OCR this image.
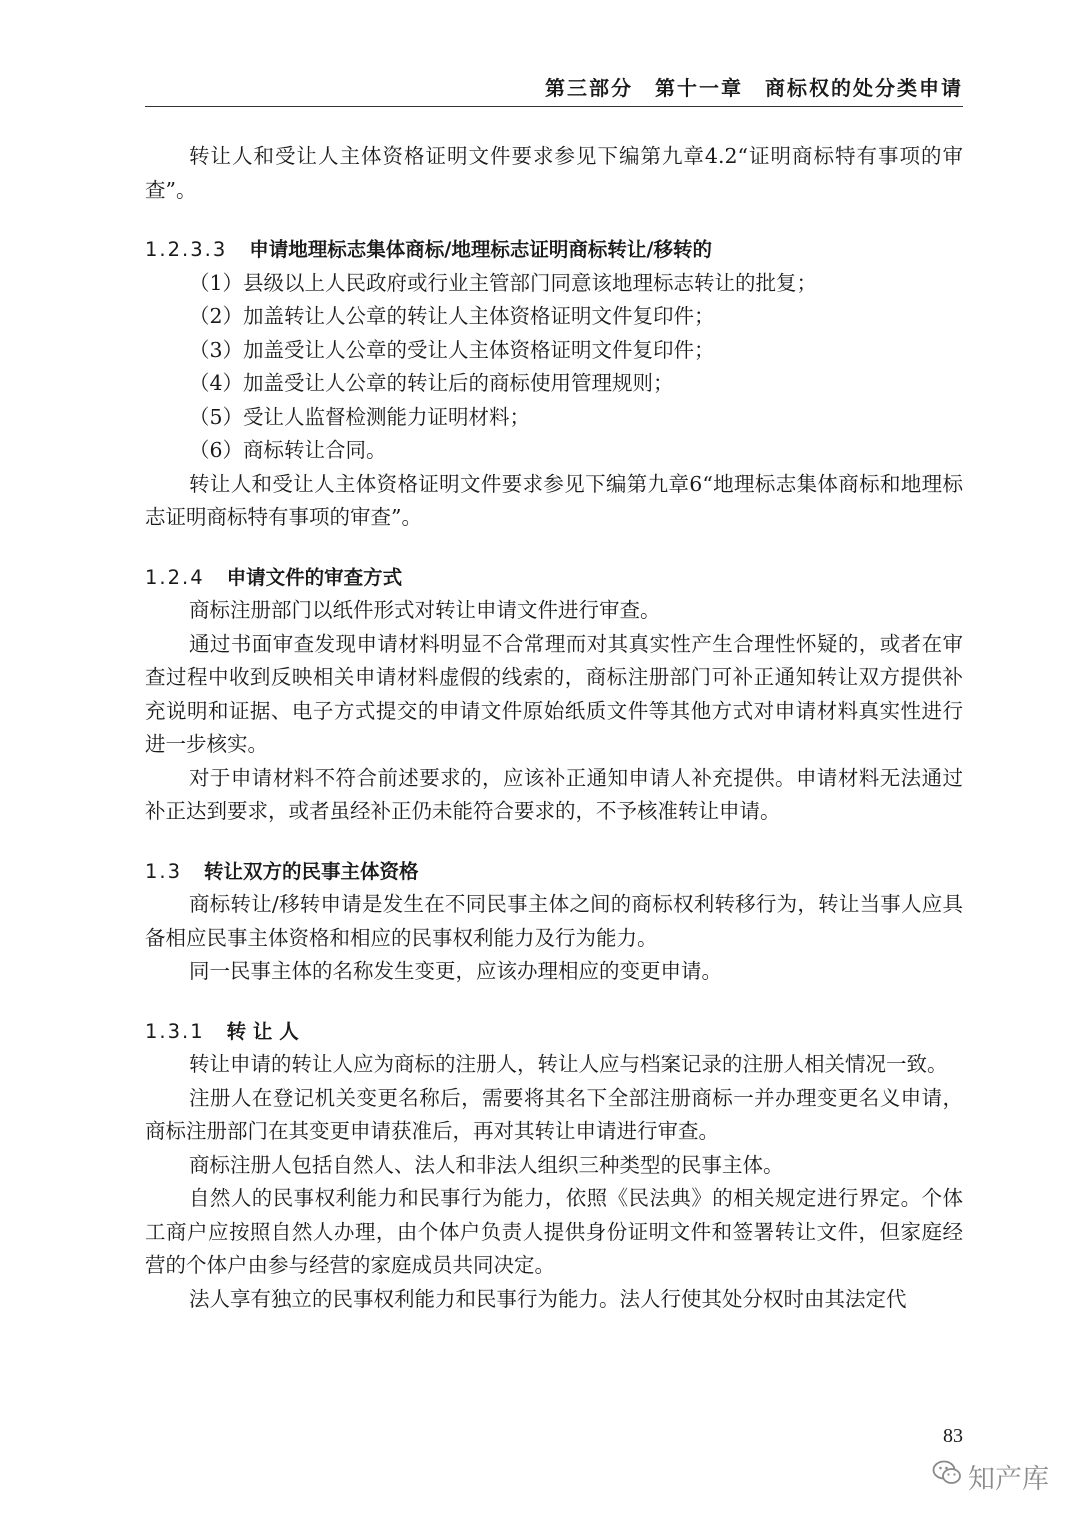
第三部分　第十一章　商标权的处分类申请

转让人和受让人主体资格证明文件要求参见下编第九章4.2“证明商标特有事项的审查”。

1.2.3.3 申请地理标志集体商标/地理标志证明商标转让/移转的

（1）县级以上人民政府或行业主管部门同意该地理标志转让的批复；

（2）加盖转让人公章的转让人主体资格证明文件复印件；

（3）加盖受让人公章的受让人主体资格证明文件复印件；

（4）加盖受让人公章的转让后的商标使用管理规则；

（5）受让人监督检测能力证明材料；

（6）商标转让合同。

转让人和受让人主体资格证明文件要求参见下编第九章6“地理标志集体商标和地理标志证明商标特有事项的审查”。

1.2.4 申请文件的审查方式

商标注册部门以纸件形式对转让申请文件进行审查。

通过书面审查发现申请材料明显不合常理而对其真实性产生合理性怀疑的，或者在审查过程中收到反映相关申请材料虚假的线索的，商标注册部门可补正通知转让双方提供补充说明和证据、电子方式提交的申请文件原始纸质文件等其他方式对申请材料真实性进行进一步核实。

对于申请材料不符合前述要求的，应该补正通知申请人补充提供。申请材料无法通过补正达到要求，或者虽经补正仍未能符合要求的，不予核准转让申请。

1.3 转让双方的民事主体资格

商标转让/移转申请是发生在不同民事主体之间的商标权利转移行为，转让当事人应具备相应民事主体资格和相应的民事权利能力及行为能力。

同一民事主体的名称发生变更，应该办理相应的变更申请。

1.3.1 转 让 人

转让申请的转让人应为商标的注册人，转让人应与档案记录的注册人相关情况一致。

注册人在登记机关变更名称后，需要将其名下全部注册商标一并办理变更名义申请，商标注册部门在其变更申请获准后，再对其转让申请进行审查。

商标注册人包括自然人、法人和非法人组织三种类型的民事主体。

自然人的民事权利能力和民事行为能力，依照《民法典》的相关规定进行界定。个体工商户应按照自然人办理，由个体户负责人提供身份证明文件和签署转让文件，但家庭经营的个体户由参与经营的家庭成员共同决定。

法人享有独立的民事权利能力和民事行为能力。法人行使其处分权时由其法定代

83
知产库
